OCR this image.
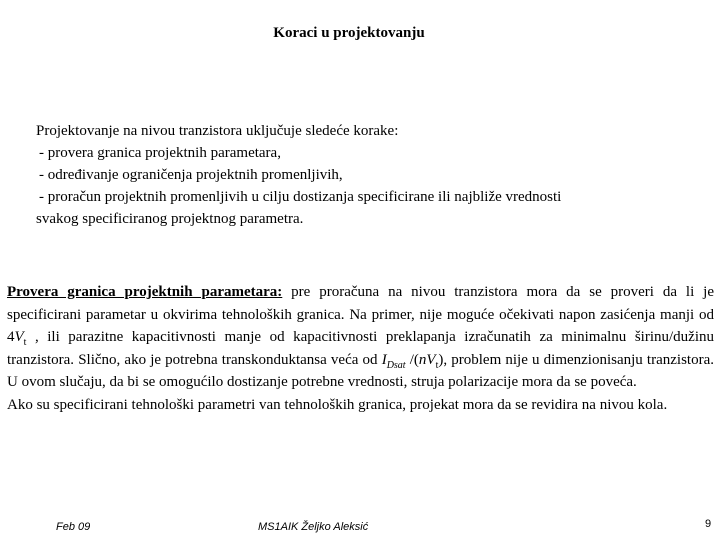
Koraci u projektovanju
Projektovanje na nivou tranzistora uključuje sledeće korake:
- provera granica projektnih parametara,
- određivanje ograničenja projektnih promenljivih,
- proračun projektnih promenljivih u cilju dostizanja specificirane ili najbliže vrednosti
svakog specificiranog projektnog parametra.
Provera granica projektnih parametara: pre proračuna na nivou tranzistora mora da se proveri da li je specificirani parametar u okvirima tehnoloških granica. Na primer, nije moguće očekivati napon zasićenja manji od $4V_t$ , ili parazitne kapacitivnosti manje od kapacitivnosti preklapanja izračunatih za minimalnu širinu/dužinu tranzistora. Slično, ako je potrebna transkonduktansa veća od $I_{Dsat}$ $/(nV_t)$, problem nije u dimenzionisanju tranzistora. U ovom slučaju, da bi se omogućilo dostizanje potrebne vrednosti, struja polarizacije mora da se poveća.
Ako su specificirani tehnološki parametri van tehnoloških granica, projekat mora da se revidira na nivou kola.
Feb 09	MS1AIK Željko Aleksić	9
